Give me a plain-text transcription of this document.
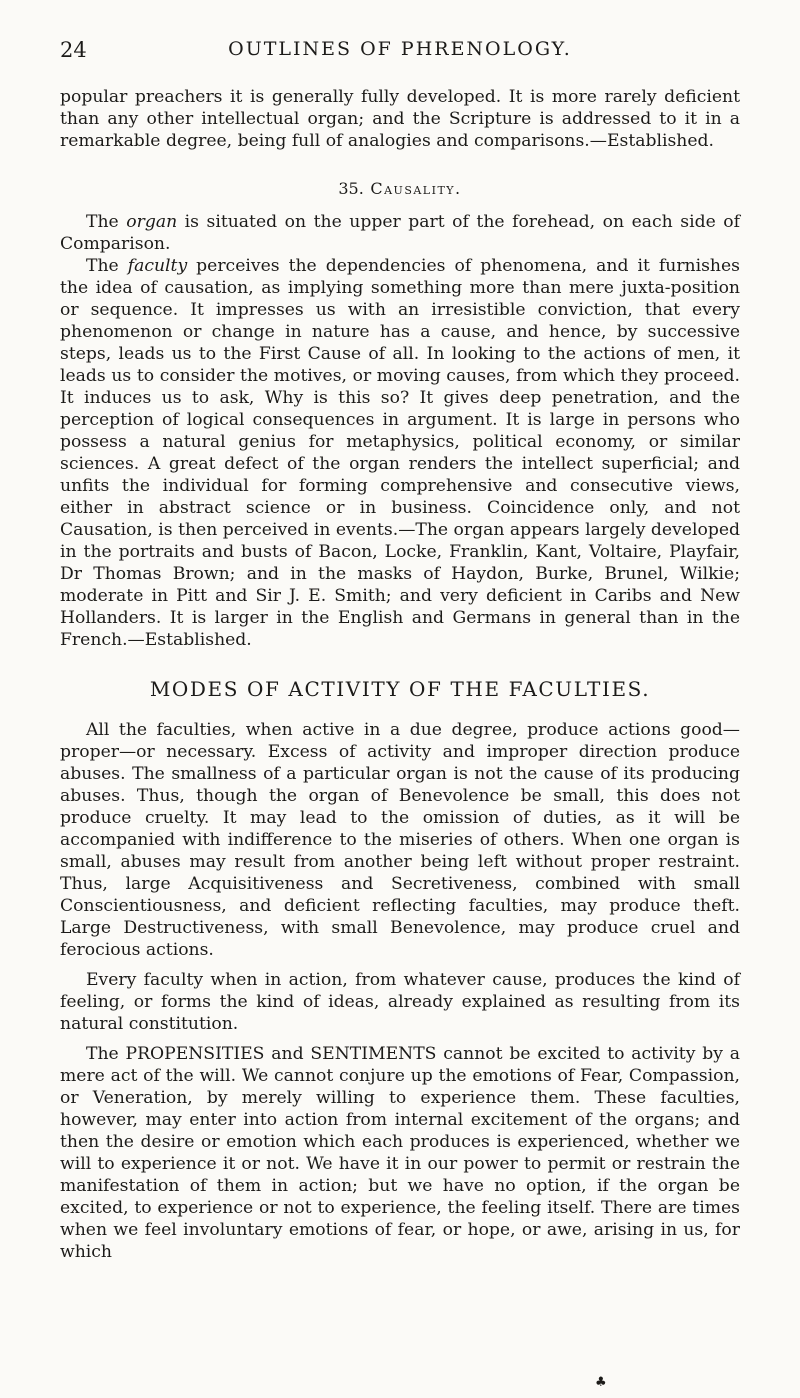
24	OUTLINES OF PHRENOLOGY.

popular preachers it is generally fully developed. It is more rarely deficient than any other intellectual organ; and the Scripture is addressed to it in a remarkable degree, being full of analogies and comparisons.—Established.

35. Causality.

The organ is situated on the upper part of the forehead, on each side of Comparison.

The faculty perceives the dependencies of phenomena, and it furnishes the idea of causation, as implying something more than mere juxta-position or sequence. It impresses us with an irresistible conviction, that every phenomenon or change in nature has a cause, and hence, by successive steps, leads us to the First Cause of all. In looking to the actions of men, it leads us to consider the motives, or moving causes, from which they proceed. It induces us to ask, Why is this so? It gives deep penetration, and the perception of logical consequences in argument. It is large in persons who possess a natural genius for metaphysics, political economy, or similar sciences. A great defect of the organ renders the intellect superficial; and unfits the individual for forming comprehensive and consecutive views, either in abstract science or in business. Coincidence only, and not Causation, is then perceived in events.—The organ appears largely developed in the portraits and busts of Bacon, Locke, Franklin, Kant, Voltaire, Playfair, Dr Thomas Brown; and in the masks of Haydon, Burke, Brunel, Wilkie; moderate in Pitt and Sir J. E. Smith; and very deficient in Caribs and New Hollanders. It is larger in the English and Germans in general than in the French.—Established.

MODES OF ACTIVITY OF THE FACULTIES.

All the faculties, when active in a due degree, produce actions good—proper—or necessary. Excess of activity and improper direction produce abuses. The smallness of a particular organ is not the cause of its producing abuses. Thus, though the organ of Benevolence be small, this does not produce cruelty. It may lead to the omission of duties, as it will be accompanied with indifference to the miseries of others. When one organ is small, abuses may result from another being left without proper restraint. Thus, large Acquisitiveness and Secretiveness, combined with small Conscientiousness, and deficient reflecting faculties, may produce theft. Large Destructiveness, with small Benevolence, may produce cruel and ferocious actions.

Every faculty when in action, from whatever cause, produces the kind of feeling, or forms the kind of ideas, already explained as resulting from its natural constitution.

The PROPENSITIES and SENTIMENTS cannot be excited to activity by a mere act of the will. We cannot conjure up the emotions of Fear, Compassion, or Veneration, by merely willing to experience them. These faculties, however, may enter into action from internal excitement of the organs; and then the desire or emotion which each produces is experienced, whether we will to experience it or not. We have it in our power to permit or restrain the manifestation of them in action; but we have no option, if the organ be excited, to experience or not to experience, the feeling itself. There are times when we feel involuntary emotions of fear, or hope, or awe, arising in us, for which

♣
